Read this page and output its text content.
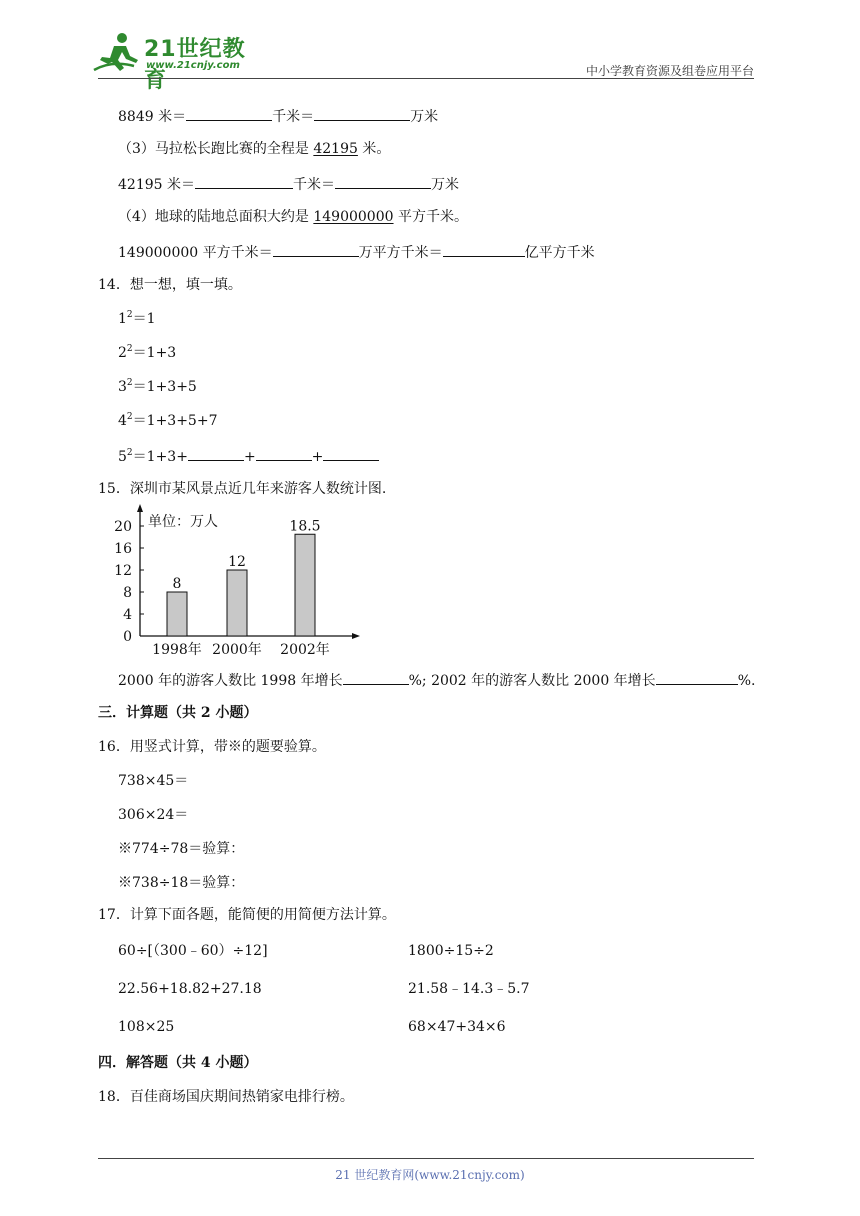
21世纪教育
www.21cnjy.com	中小学教育资源及组卷应用平台
8849 米＝	千米＝	万米
（3）马拉松长跑比赛的全程是 42195 米。
42195 米＝	千米＝	万米
（4）地球的陆地总面积大约是 149000000 平方千米。
149000000 平方千米＝	万平方千米＝	亿平方千米
14．想一想，填一填。
$1^2=1$
$2^2=1+3$
$3^2=1+3+5$
$4^2=1+3+5+7$
$5^2=1+3+$	+	+
15．深圳市某风景点近几年来游客人数统计图.
单位：万人
0
4
8
12
16
20
8
1998年
12
2000年
18.5
2002年
2000 年的游客人数比 1998 年增长	%; 2002 年的游客人数比 2000 年增长	%.
三．计算题（共 2 小题）
16．用竖式计算，带※的题要验算。
738×45＝
306×24＝
※774÷78＝验算：
※738÷18＝验算：
17．计算下面各题，能简便的用简便方法计算。
60÷[（300﹣60）÷12]	1800÷15÷2
22.56+18.82+27.18	21.58﹣14.3﹣5.7
108×25	68×47+34×6
四．解答题（共 4 小题）
18．百佳商场国庆期间热销家电排行榜。
21 世纪教育网(www.21cnjy.com)
